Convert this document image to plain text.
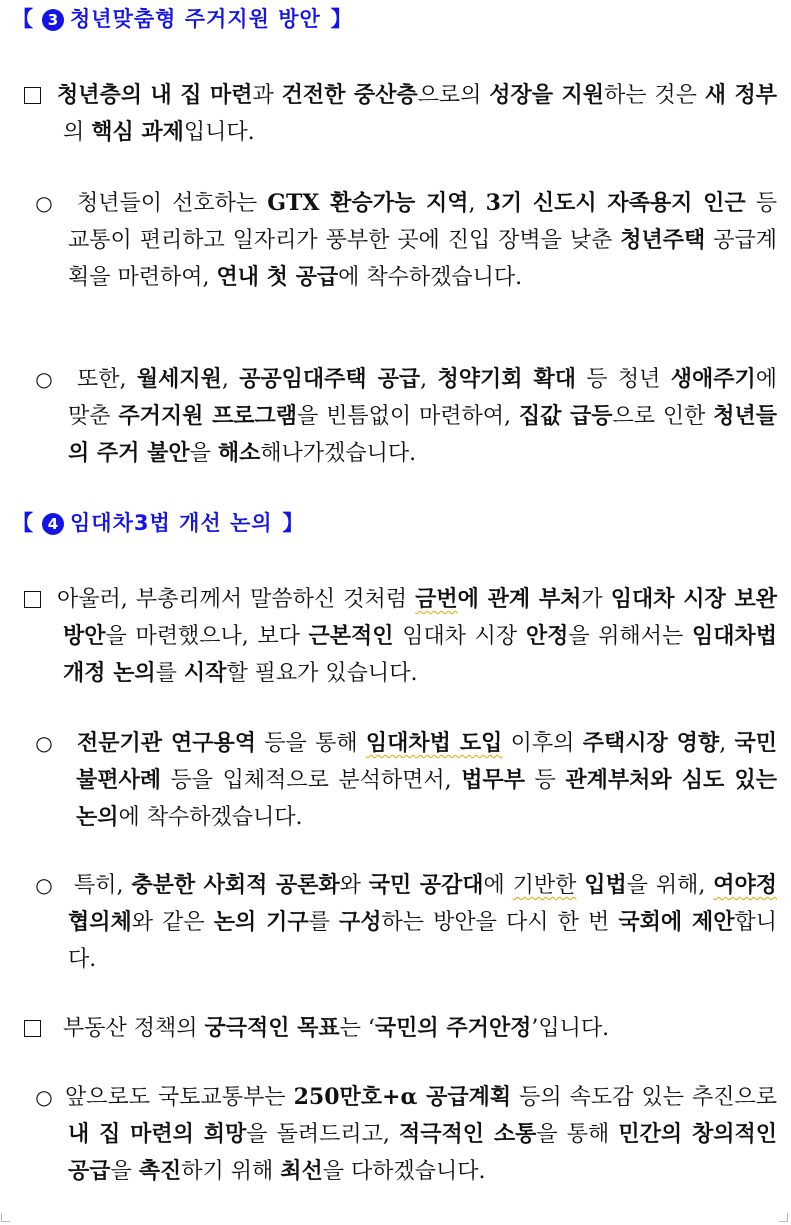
【 3 청년맞춤형 주거지원 방안 】
청년층의 내 집 마련과 건전한 중산층으로의 성장을 지원하는 것은 새 정부의 핵심 과제입니다.
○	청년들이 선호하는 GTX 환승가능 지역, 3기 신도시 자족용지 인근 등 교통이 편리하고 일자리가 풍부한 곳에 진입 장벽을 낮춘 청년주택 공급계획을 마련하여, 연내 첫 공급에 착수하겠습니다.
○	또한, 월세지원, 공공임대주택 공급, 청약기회 확대 등 청년 생애주기에 맞춘 주거지원 프로그램을 빈틈없이 마련하여, 집값 급등으로 인한 청년들의 주거 불안을 해소해나가겠습니다.
【 4 임대차3법 개선 논의 】
아울러, 부총리께서 말씀하신 것처럼 금번에 관계 부처가 임대차 시장 보완방안을 마련했으나, 보다 근본적인 임대차 시장 안정을 위해서는 임대차법 개정 논의를 시작할 필요가 있습니다.
○	전문기관 연구용역 등을 통해 임대차법 도입 이후의 주택시장 영향, 국민 불편사례 등을 입체적으로 분석하면서, 법무부 등 관계부처와 심도 있는 논의에 착수하겠습니다.
○ 특히, 충분한 사회적 공론화와 국민 공감대에 기반한 입법을 위해, 여야정 협의체와 같은 논의 기구를 구성하는 방안을 다시 한 번 국회에 제안합니다.
부동산 정책의 궁극적인 목표는 ‘국민의 주거안정’입니다.
○ 앞으로도 국토교통부는 250만호+α 공급계획 등의 속도감 있는 추진으로 내 집 마련의 희망을 돌려드리고, 적극적인 소통을 통해 민간의 창의적인 공급을 촉진하기 위해 최선을 다하겠습니다.
